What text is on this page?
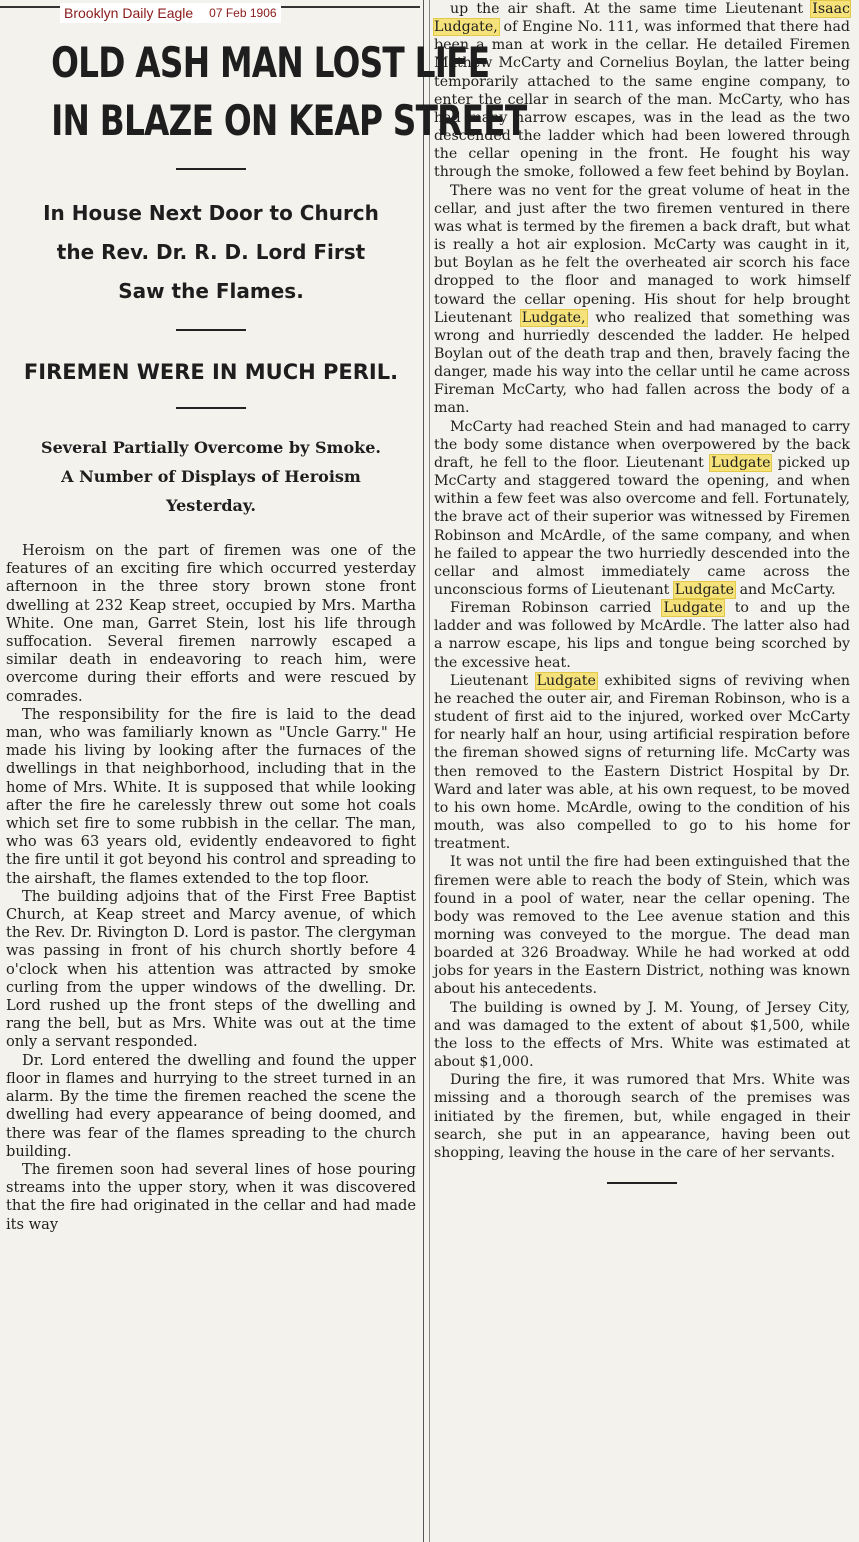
Brooklyn Daily Eagle 07 Feb 1906
OLD ASH MAN LOST LIFE
IN BLAZE ON KEAP STREET
In House Next Door to Church
the Rev. Dr. R. D. Lord First
Saw the Flames.
FIREMEN WERE IN MUCH PERIL.
Several Partially Overcome by Smoke.
A Number of Displays of Heroism
Yesterday.

Heroism on the part of firemen was one of the features of an exciting fire which occurred yesterday afternoon in the three story brown stone front dwelling at 232 Keap street, occupied by Mrs. Martha White. One man, Garret Stein, lost his life through suffocation. Several firemen narrowly escaped a similar death in endeavoring to reach him, were overcome during their efforts and were rescued by comrades.

The responsibility for the fire is laid to the dead man, who was familiarly known as "Uncle Garry." He made his living by looking after the furnaces of the dwellings in that neighborhood, including that in the home of Mrs. White. It is supposed that while looking after the fire he carelessly threw out some hot coals which set fire to some rubbish in the cellar. The man, who was 63 years old, evidently endeavored to fight the fire until it got beyond his control and spreading to the airshaft, the flames extended to the top floor.

The building adjoins that of the First Free Baptist Church, at Keap street and Marcy avenue, of which the Rev. Dr. Rivington D. Lord is pastor. The clergyman was passing in front of his church shortly before 4 o'clock when his attention was attracted by smoke curling from the upper windows of the dwelling. Dr. Lord rushed up the front steps of the dwelling and rang the bell, but as Mrs. White was out at the time only a servant responded.

Dr. Lord entered the dwelling and found the upper floor in flames and hurrying to the street turned in an alarm. By the time the firemen reached the scene the dwelling had every appearance of being doomed, and there was fear of the flames spreading to the church building.

The firemen soon had several lines of hose pouring streams into the upper story, when it was discovered that the fire had originated in the cellar and had made its way

up the air shaft. At the same time Lieutenant Isaac Ludgate, of Engine No. 111, was informed that there had been a man at work in the cellar. He detailed Firemen Mathew McCarty and Cornelius Boylan, the latter being temporarily attached to the same engine company, to enter the cellar in search of the man. McCarty, who has had many narrow escapes, was in the lead as the two descended the ladder which had been lowered through the cellar opening in the front. He fought his way through the smoke, followed a few feet behind by Boylan.

There was no vent for the great volume of heat in the cellar, and just after the two firemen ventured in there was what is termed by the firemen a back draft, but what is really a hot air explosion. McCarty was caught in it, but Boylan as he felt the overheated air scorch his face dropped to the floor and managed to work himself toward the cellar opening. His shout for help brought Lieutenant Ludgate, who realized that something was wrong and hurriedly descended the ladder. He helped Boylan out of the death trap and then, bravely facing the danger, made his way into the cellar until he came across Fireman McCarty, who had fallen across the body of a man.

McCarty had reached Stein and had managed to carry the body some distance when overpowered by the back draft, he fell to the floor. Lieutenant Ludgate picked up McCarty and staggered toward the opening, and when within a few feet was also overcome and fell. Fortunately, the brave act of their superior was witnessed by Firemen Robinson and McArdle, of the same company, and when he failed to appear the two hurriedly descended into the cellar and almost immediately came across the unconscious forms of Lieutenant Ludgate and McCarty.

Fireman Robinson carried Ludgate to and up the ladder and was followed by McArdle. The latter also had a narrow escape, his lips and tongue being scorched by the excessive heat.

Lieutenant Ludgate exhibited signs of reviving when he reached the outer air, and Fireman Robinson, who is a student of first aid to the injured, worked over McCarty for nearly half an hour, using artificial respiration before the fireman showed signs of returning life. McCarty was then removed to the Eastern District Hospital by Dr. Ward and later was able, at his own request, to be moved to his own home. McArdle, owing to the condition of his mouth, was also compelled to go to his home for treatment.

It was not until the fire had been extinguished that the firemen were able to reach the body of Stein, which was found in a pool of water, near the cellar opening. The body was removed to the Lee avenue station and this morning was conveyed to the morgue. The dead man boarded at 326 Broadway. While he had worked at odd jobs for years in the Eastern District, nothing was known about his antecedents.

The building is owned by J. M. Young, of Jersey City, and was damaged to the extent of about $1,500, while the loss to the effects of Mrs. White was estimated at about $1,000.

During the fire, it was rumored that Mrs. White was missing and a thorough search of the premises was initiated by the firemen, but, while engaged in their search, she put in an appearance, having been out shopping, leaving the house in the care of her servants.
